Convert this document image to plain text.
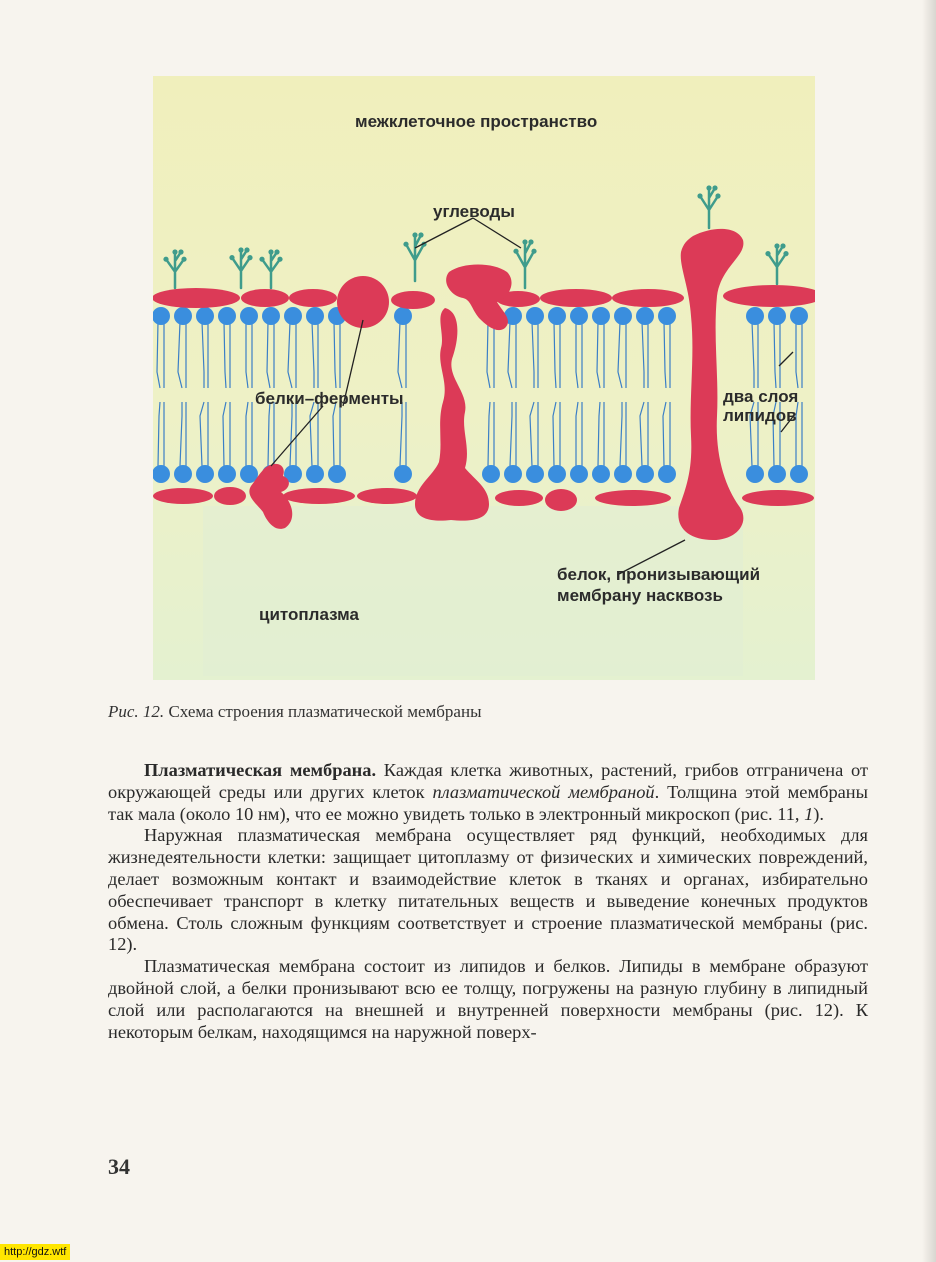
межклеточное пространство
углеводы
белки–ферменты	два слоя
липидов
белок, пронизывающий
мембрану насквозь
цитоплазма
Рис. 12. Схема строения плазматической мембраны

Плазматическая мембрана. Каждая клетка животных, растений, грибов отграничена от окружающей среды или других клеток плазматической мембраной. Толщина этой мембраны так мала (около 10 нм), что ее можно увидеть только в электронный микроскоп (рис. 11, 1).

Наружная плазматическая мембрана осуществляет ряд функций, необходимых для жизнедеятельности клетки: защищает цитоплазму от физических и химических повреждений, делает возможным контакт и взаимодействие клеток в тканях и органах, избирательно обеспечивает транспорт в клетку питательных веществ и выведение конечных продуктов обмена. Столь сложным функциям соответствует и строение плазматической мембраны (рис. 12).

Плазматическая мембрана состоит из липидов и белков. Липиды в мембране образуют двойной слой, а белки пронизывают всю ее толщу, погружены на разную глубину в липидный слой или располагаются на внешней и внутренней поверхности мембраны (рис. 12). К некоторым белкам, находящимся на наружной поверх-

34
http://gdz.wtf
